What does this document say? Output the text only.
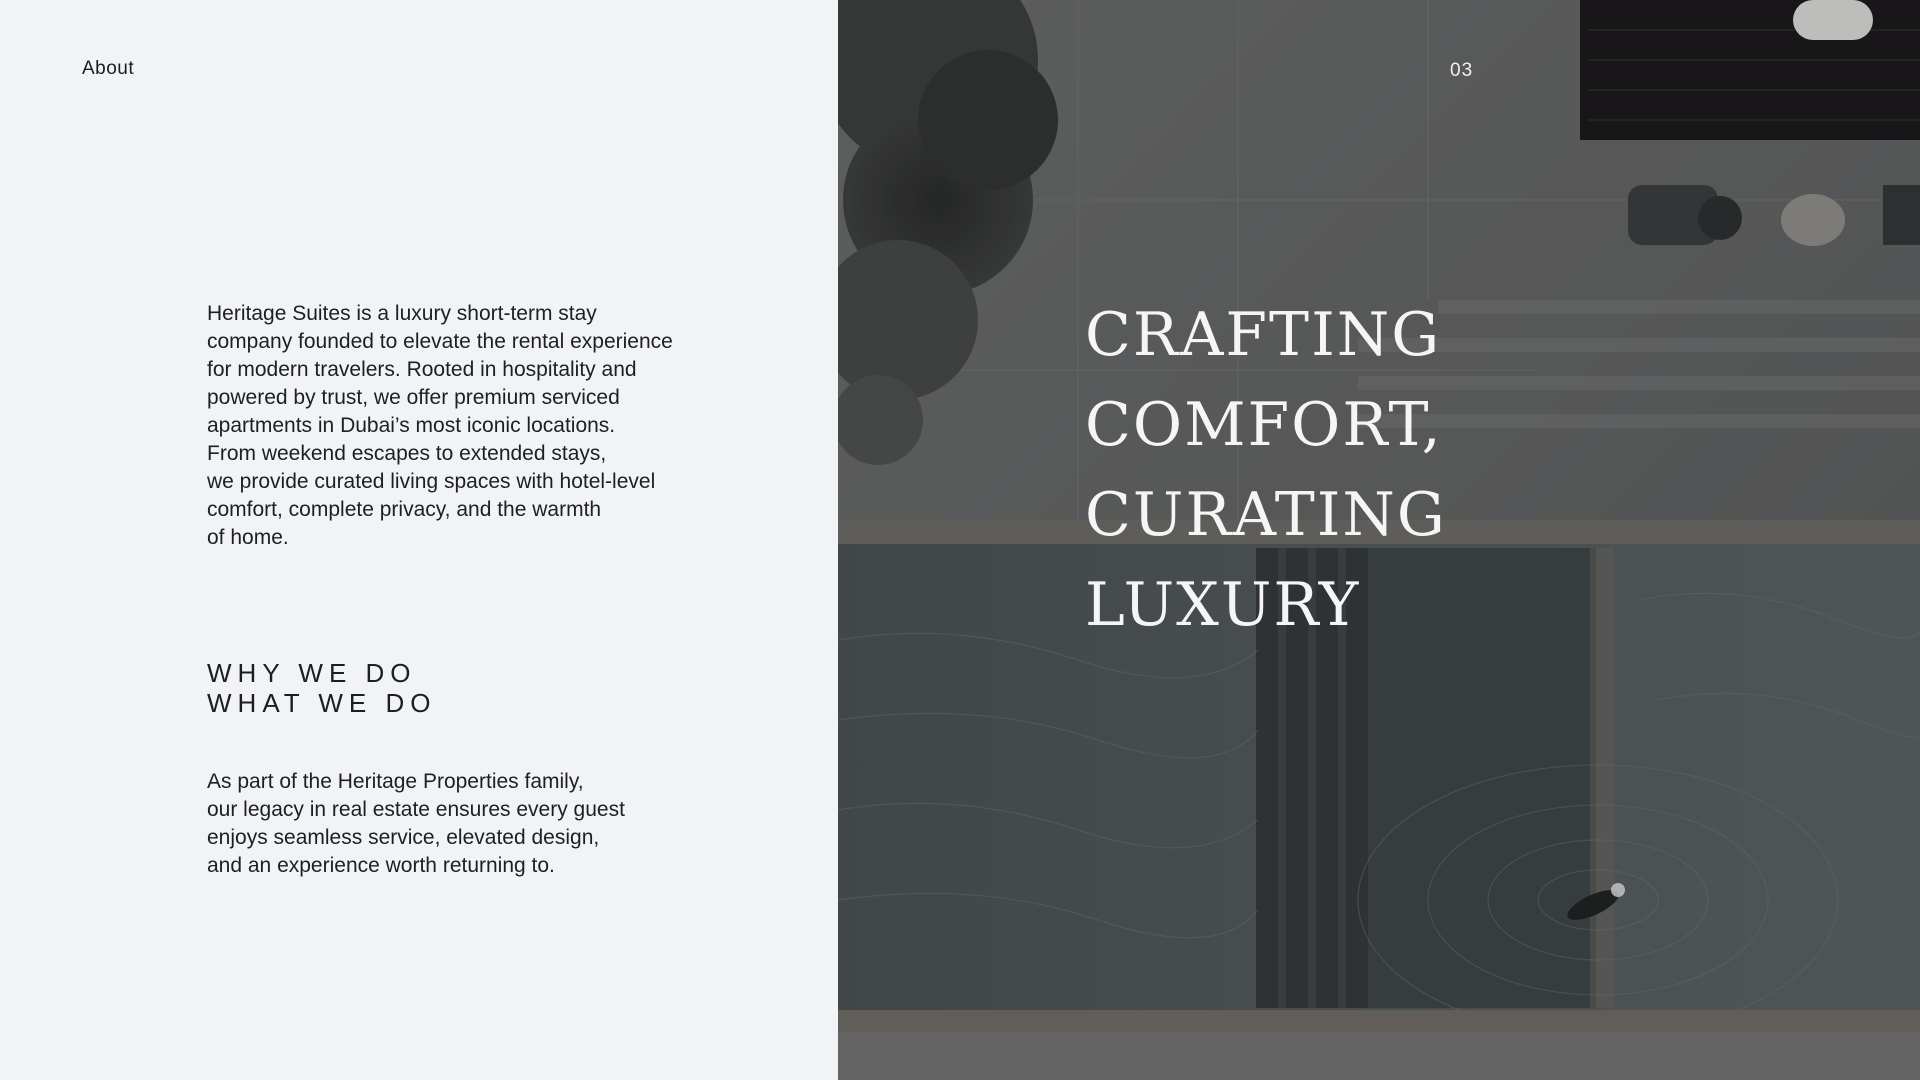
About
Heritage Suites is a luxury short-term stay
company founded to elevate the rental experience
for modern travelers. Rooted in hospitality and
powered by trust, we offer premium serviced
apartments in Dubai’s most iconic locations.
From weekend escapes to extended stays,
we provide curated living spaces with hotel-level
comfort, complete privacy, and the warmth
of home.
WHY WE DO
WHAT WE DO
As part of the Heritage Properties family,
our legacy in real estate ensures every guest
enjoys seamless service, elevated design,
and an experience worth returning to.
03
CRAFTING
COMFORT,
CURATING
LUXURY
